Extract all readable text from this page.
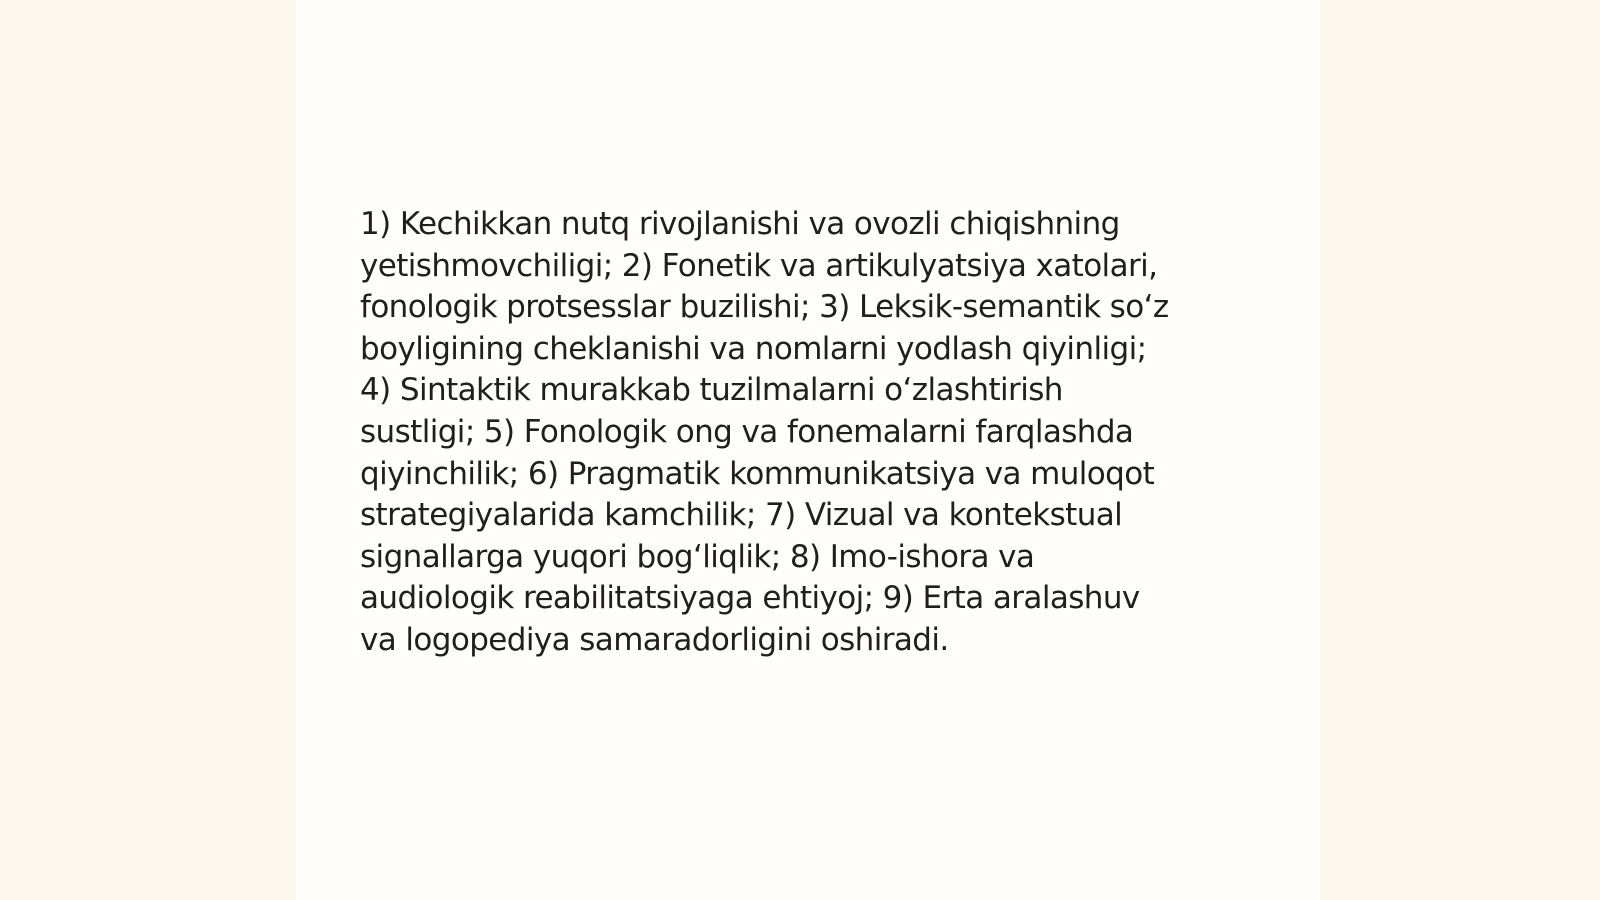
1) Kechikkan nutq rivojlanishi va ovozli chiqishning
yetishmovchiligi; 2) Fonetik va artikulyatsiya xatolari,
fonologik protsesslar buzilishi; 3) Leksik-semantik so‘z
boyligining cheklanishi va nomlarni yodlash qiyinligi;
4) Sintaktik murakkab tuzilmalarni o‘zlashtirish
sustligi; 5) Fonologik ong va fonemalarni farqlashda
qiyinchilik; 6) Pragmatik kommunikatsiya va muloqot
strategiyalarida kamchilik; 7) Vizual va kontekstual
signallarga yuqori bog‘liqlik; 8) Imo-ishora va
audiologik reabilitatsiyaga ehtiyoj; 9) Erta aralashuv
va logopediya samaradorligini oshiradi.
